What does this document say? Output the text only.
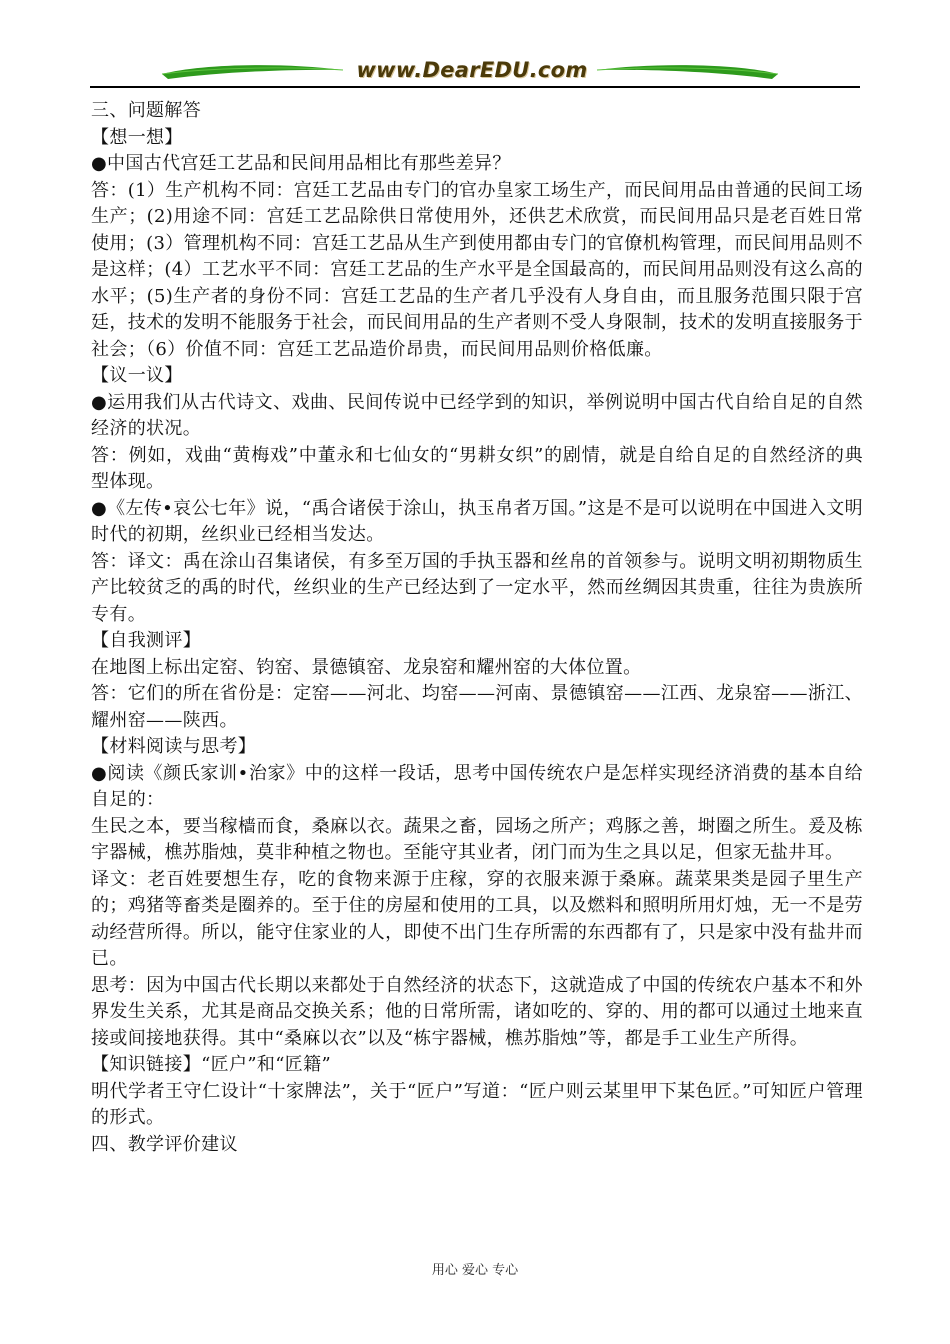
www.DearEDU.com

三、问题解答

【想一想】

●中国古代宫廷工艺品和民间用品相比有那些差异？

答：(1）生产机构不同：宫廷工艺品由专门的官办皇家工场生产，而民间用品由普通的民间工场生产；(2)用途不同：宫廷工艺品除供日常使用外，还供艺术欣赏，而民间用品只是老百姓日常使用；(3）管理机构不同：宫廷工艺品从生产到使用都由专门的官僚机构管理，而民间用品则不是这样；(4）工艺水平不同：宫廷工艺品的生产水平是全国最高的，而民间用品则没有这么高的水平；(5)生产者的身份不同：宫廷工艺品的生产者几乎没有人身自由，而且服务范围只限于宫廷，技术的发明不能服务于社会，而民间用品的生产者则不受人身限制，技术的发明直接服务于社会；（6）价值不同：宫廷工艺品造价昂贵，而民间用品则价格低廉。

【议一议】

●运用我们从古代诗文、戏曲、民间传说中已经学到的知识，举例说明中国古代自给自足的自然经济的状况。

答：例如，戏曲“黄梅戏”中董永和七仙女的“男耕女织”的剧情，就是自给自足的自然经济的典型体现。

●《左传•哀公七年》说，“禹合诸侯于涂山，执玉帛者万国。”这是不是可以说明在中国进入文明时代的初期，丝织业已经相当发达。

答：译文：禹在涂山召集诸侯，有多至万国的手执玉器和丝帛的首领参与。说明文明初期物质生产比较贫乏的禹的时代，丝织业的生产已经达到了一定水平，然而丝绸因其贵重，往往为贵族所专有。

【自我测评】

在地图上标出定窑、钧窑、景德镇窑、龙泉窑和耀州窑的大体位置。

答：它们的所在省份是：定窑——河北、均窑——河南、景德镇窑——江西、龙泉窑——浙江、耀州窑——陕西。

【材料阅读与思考】

●阅读《颜氏家训•治家》中的这样一段话，思考中国传统农户是怎样实现经济消费的基本自给自足的：

生民之本，要当稼樯而食，桑麻以衣。蔬果之畜，园场之所产；鸡豚之善，埘圈之所生。爰及栋宇器械，樵苏脂烛，莫非种植之物也。至能守其业者，闭门而为生之具以足，但家无盐井耳。

译文：老百姓要想生存，吃的食物来源于庄稼，穿的衣服来源于桑麻。蔬菜果类是园子里生产的；鸡猪等畜类是圈养的。至于住的房屋和使用的工具，以及燃料和照明所用灯烛，无一不是劳动经营所得。所以，能守住家业的人，即使不出门生存所需的东西都有了，只是家中没有盐井而已。

思考：因为中国古代长期以来都处于自然经济的状态下，这就造成了中国的传统农户基本不和外界发生关系，尤其是商品交换关系；他的日常所需，诸如吃的、穿的、用的都可以通过土地来直接或间接地获得。其中“桑麻以衣”以及“栋宇器械，樵苏脂烛”等，都是手工业生产所得。

【知识链接】“匠户”和“匠籍”

明代学者王守仁设计“十家牌法”，关于“匠户”写道：“匠户则云某里甲下某色匠。”可知匠户管理的形式。

四、教学评价建议

用心 爱心 专心
